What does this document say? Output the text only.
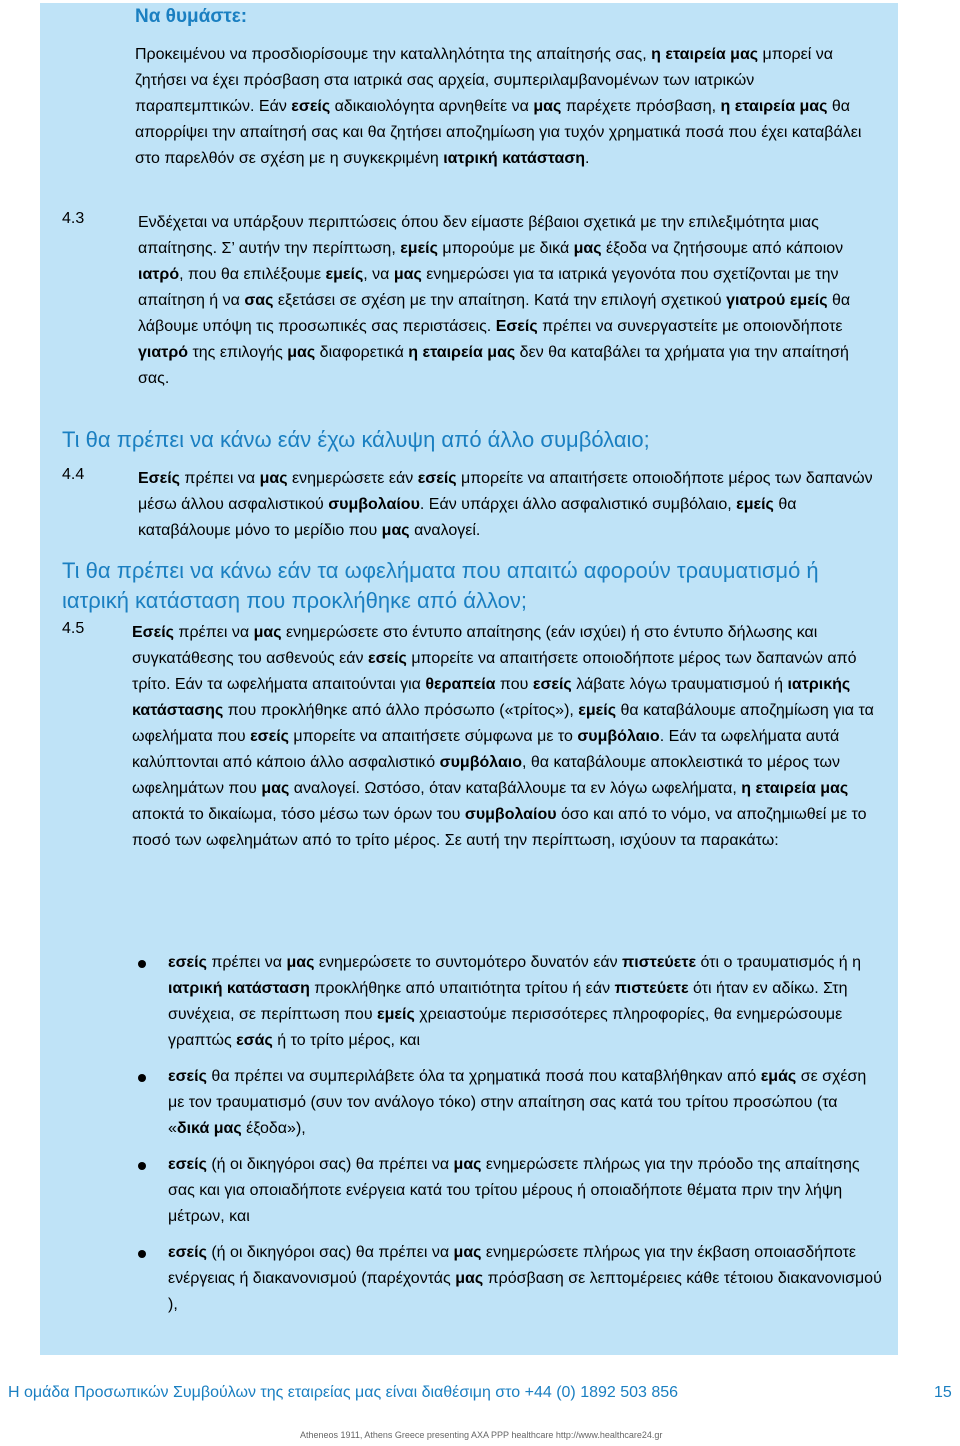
Να θυμάστε:
Προκειμένου να προσδιορίσουμε την καταλληλότητα της απαίτησής σας, η εταιρεία μας μπορεί να ζητήσει να έχει πρόσβαση στα ιατρικά σας αρχεία, συμπεριλαμβανομένων των ιατρικών παραπεμπτικών. Εάν εσείς αδικαιολόγητα αρνηθείτε να μας παρέχετε πρόσβαση, η εταιρεία μας θα απορρίψει την απαίτησή σας και θα ζητήσει αποζημίωση για τυχόν χρηματικά ποσά που έχει καταβάλει στο παρελθόν σε σχέση με η συγκεκριμένη ιατρική κατάσταση.
4.3	Ενδέχεται να υπάρξουν περιπτώσεις όπου δεν είμαστε βέβαιοι σχετικά με την επιλεξιμότητα μιας απαίτησης. Σ’ αυτήν την περίπτωση, εμείς μπορούμε με δικά μας έξοδα να ζητήσουμε από κάποιον ιατρό, που θα επιλέξουμε εμείς, να μας ενημερώσει για τα ιατρικά γεγονότα που σχετίζονται με την απαίτηση ή να σας εξετάσει σε σχέση με την απαίτηση. Κατά την επιλογή σχετικού γιατρού εμείς θα λάβουμε υπόψη τις προσωπικές σας περιστάσεις. Εσείς πρέπει να συνεργαστείτε με οποιονδήποτε γιατρό της επιλογής μας διαφορετικά η εταιρεία μας δεν θα καταβάλει τα χρήματα για την απαίτησή σας.
Τι θα πρέπει να κάνω εάν έχω κάλυψη από άλλο συμβόλαιο;
4.4	Εσείς πρέπει να μας ενημερώσετε εάν εσείς μπορείτε να απαιτήσετε οποιοδήποτε μέρος των δαπανών μέσω άλλου ασφαλιστικού συμβολαίου. Εάν υπάρχει άλλο ασφαλιστικό συμβόλαιο, εμείς θα καταβάλουμε μόνο το μερίδιο που μας αναλογεί.
Τι θα πρέπει να κάνω εάν τα ωφελήματα που απαιτώ αφορούν τραυματισμό ή ιατρική κατάσταση που προκλήθηκε από άλλον;
4.5	Εσείς πρέπει να μας ενημερώσετε στο έντυπο απαίτησης (εάν ισχύει) ή στο έντυπο δήλωσης και συγκατάθεσης του ασθενούς εάν εσείς μπορείτε να απαιτήσετε οποιοδήποτε μέρος των δαπανών από τρίτο. Εάν τα ωφελήματα απαιτούνται για θεραπεία που εσείς λάβατε λόγω τραυματισμού ή ιατρικής κατάστασης που προκλήθηκε από άλλο πρόσωπο («τρίτος»), εμείς θα καταβάλουμε αποζημίωση για τα ωφελήματα που εσείς μπορείτε να απαιτήσετε σύμφωνα με το συμβόλαιο. Εάν τα ωφελήματα αυτά καλύπτονται από κάποιο άλλο ασφαλιστικό συμβόλαιο, θα καταβάλουμε αποκλειστικά το μέρος των ωφελημάτων που μας αναλογεί. Ωστόσο, όταν καταβάλλουμε τα εν λόγω ωφελήματα, η εταιρεία μας αποκτά το δικαίωμα, τόσο μέσω των όρων του συμβολαίου όσο και από το νόμο, να αποζημιωθεί με το ποσό των ωφελημάτων από το τρίτο μέρος. Σε αυτή την περίπτωση, ισχύουν τα παρακάτω:
εσείς πρέπει να μας ενημερώσετε το συντομότερο δυνατόν εάν πιστεύετε ότι ο τραυματισμός ή η ιατρική κατάσταση προκλήθηκε από υπαιτιότητα τρίτου ή εάν πιστεύετε ότι ήταν εν αδίκω. Στη συνέχεια, σε περίπτωση που εμείς χρειαστούμε περισσότερες πληροφορίες, θα ενημερώσουμε γραπτώς εσάς ή το τρίτο μέρος, και
εσείς θα πρέπει να συμπεριλάβετε όλα τα χρηματικά ποσά που καταβλήθηκαν από εμάς σε σχέση με τον τραυματισμό (συν τον ανάλογο τόκο) στην απαίτηση σας κατά του τρίτου προσώπου (τα «δικά μας έξοδα»),
εσείς (ή οι δικηγόροι σας) θα πρέπει να μας ενημερώσετε πλήρως για την πρόοδο της απαίτησης σας και για οποιαδήποτε ενέργεια κατά του τρίτου μέρους ή οποιαδήποτε θέματα πριν την λήψη μέτρων, και
εσείς (ή οι δικηγόροι σας) θα πρέπει να μας ενημερώσετε πλήρως για την έκβαση οποιασδήποτε ενέργειας ή διακανονισμού (παρέχοντάς μας πρόσβαση σε λεπτομέρειες κάθε τέτοιου διακανονισμού ),
Η ομάδα Προσωπικών Συμβούλων της εταιρείας μας είναι διαθέσιμη στο +44 (0) 1892 503 856	15
Atheneos 1911, Athens Greece presenting AXA PPP healthcare http://www.healthcare24.gr
